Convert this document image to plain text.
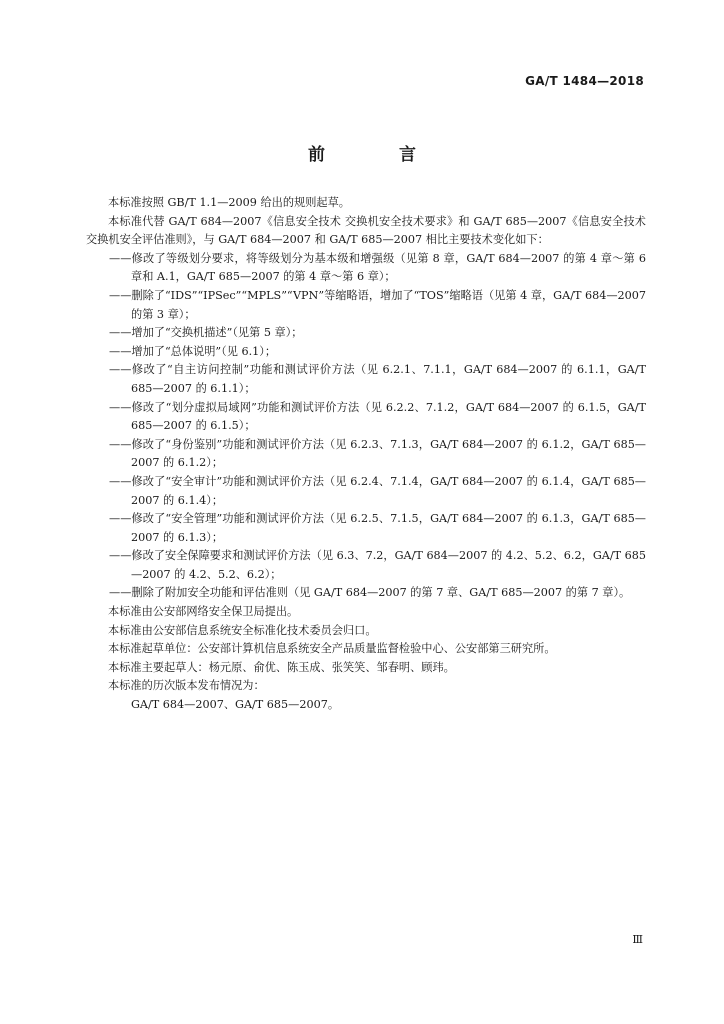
GA/T 1484—2018
前 言

本标准按照 GB/T 1.1—2009 给出的规则起草。

本标准代替 GA/T 684—2007《信息安全技术 交换机安全技术要求》和 GA/T 685—2007《信息安全技术 交换机安全评估准则》，与 GA/T 684—2007 和 GA/T 685—2007 相比主要技术变化如下：

——修改了等级划分要求，将等级划分为基本级和增强级（见第 8 章，GA/T 684—2007 的第 4 章～第 6 章和 A.1，GA/T 685—2007 的第 4 章～第 6 章）；

——删除了“IDS”“IPSec”“MPLS”“VPN”等缩略语，增加了“TOS”缩略语（见第 4 章，GA/T 684—2007 的第 3 章）；

——增加了“交换机描述”（见第 5 章）；

——增加了“总体说明”（见 6.1）；

——修改了“自主访问控制”功能和测试评价方法（见 6.2.1、7.1.1，GA/T 684—2007 的 6.1.1，GA/T 685—2007 的 6.1.1）；

——修改了“划分虚拟局域网”功能和测试评价方法（见 6.2.2、7.1.2，GA/T 684—2007 的 6.1.5，GA/T 685—2007 的 6.1.5）；

——修改了“身份鉴别”功能和测试评价方法（见 6.2.3、7.1.3，GA/T 684—2007 的 6.1.2，GA/T 685—2007 的 6.1.2）；

——修改了“安全审计”功能和测试评价方法（见 6.2.4、7.1.4，GA/T 684—2007 的 6.1.4，GA/T 685—2007 的 6.1.4）；

——修改了“安全管理”功能和测试评价方法（见 6.2.5、7.1.5，GA/T 684—2007 的 6.1.3，GA/T 685—2007 的 6.1.3）；

——修改了安全保障要求和测试评价方法（见 6.3、7.2，GA/T 684—2007 的 4.2、5.2、6.2，GA/T 685—2007 的 4.2、5.2、6.2）；

——删除了附加安全功能和评估准则（见 GA/T 684—2007 的第 7 章、GA/T 685—2007 的第 7 章）。

本标准由公安部网络安全保卫局提出。

本标准由公安部信息系统安全标准化技术委员会归口。

本标准起草单位：公安部计算机信息系统安全产品质量监督检验中心、公安部第三研究所。

本标准主要起草人：杨元原、俞优、陈玉成、张笑笑、邹春明、顾玮。

本标准的历次版本发布情况为：

GA/T 684—2007、GA/T 685—2007。

Ⅲ
